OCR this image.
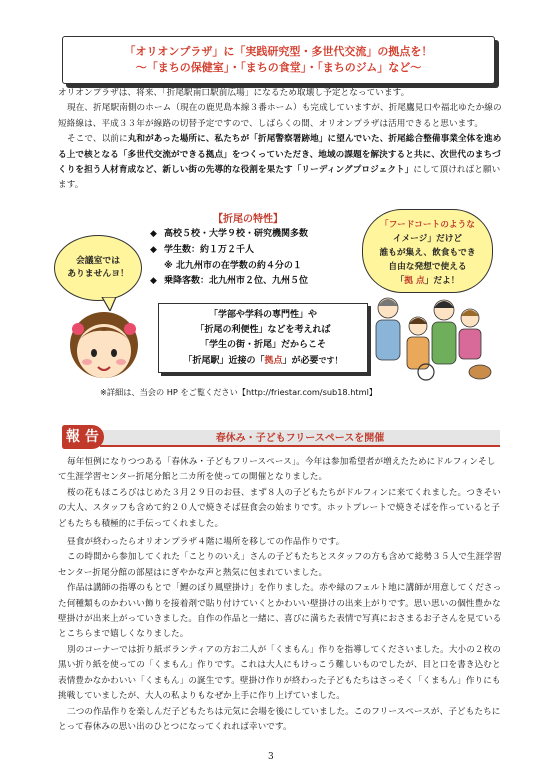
「オリオンプラザ」に「実践研究型・多世代交流」の拠点を！
～「まちの保健室」・「まちの食堂」・「まちのジム」など～

オリオンプラザは、将来、「折尾駅南口駅前広場」になるため取壊し予定となっています。

現在、折尾駅南側のホーム（現在の鹿児島本線３番ホーム）も完成していますが、折尾鷹見口や福北ゆたか線の短絡線は、平成３３年が線路の切替予定ですので、しばらくの間、オリオンプラザは活用できると思います。

そこで、以前に丸和があった場所に、私たちが「折尾警察署跡地」に望んでいた、折尾総合整備事業全体を進める上で核となる「多世代交流ができる拠点」をつくっていただき、地域の課題を解決すると共に、次世代のまちづくりを担う人材育成など、新しい街の先導的な役割を果たす「リーディングプロジェクト」にして頂ければと願います。

【折尾の特性】
◆ 高校５校・大学９校・研究機関多数
◆ 学生数：約１万２千人
※ 北九州市の在学数の約４分の１
◆ 乗降客数：北九州市２位、九州５位
会議室では
ありませんヨ！
「フードコートのような
イメージ」だけど
誰もが集え、飲食もでき
自由な発想で使える
「拠 点」だよ！
「学部や学科の専門性」や
「折尾の利便性」などを考えれば
「学生の街・折尾」だからこそ
「折尾駅」近接の「拠点」が必要です！
※詳細は、当会の HP をご覧ください【http://friestar.com/sub18.html】
春休み・子どもフリースペースを開催
報 告

毎年恒例になりつつある「春休み・子どもフリースペース」。今年は参加希望者が増えたためにドルフィンそして生涯学習センター折尾分館と二カ所を使っての開催となりました。

桜の花もほころびはじめた３月２９日のお昼、まず８人の子どもたちがドルフィンに来てくれました。つきそいの大人、スタッフも含めて約２０人で焼きそば昼食会の始まりです。ホットプレートで焼きそばを作っていると子どもたちも積極的に手伝ってくれました。

昼食が終わったらオリオンプラザ４階に場所を移しての作品作りです。

この時間から参加してくれた「ことりのいえ」さんの子どもたちとスタッフの方も含めて総勢３５人で生涯学習センター折尾分館の部屋はにぎやかな声と熱気に包まれていました。

作品は講師の指導のもとで「鯉のぼり風壁掛け」を作りました。赤や緑のフェルト地に講師が用意してくださった何種類ものかわいい飾りを接着剤で貼り付けていくとかわいい壁掛けの出来上がりです。思い思いの個性豊かな壁掛けが出来上がっていきました。自作の作品と一緒に、喜びに満ちた表情で写真におさまるお子さんを見ているとこちらまで嬉しくなりました。

別のコーナーでは折り紙ボランティアの方お二人が「くまもん」作りを指導してくださいました。大小の２枚の黒い折り紙を使っての「くまもん」作りです。これは大人にもけっこう難しいものでしたが、目と口を書き込むと表情豊かなかわいい「くまもん」の誕生です。壁掛け作りが終わった子どもたちはさっそく「くまもん」作りにも挑戦していましたが、大人の私よりもなぜか上手に作り上げていました。

二つの作品作りを楽しんだ子どもたちは元気に会場を後にしていました。このフリースペースが、子どもたちにとって春休みの思い出のひとつになってくれれば幸いです。

3
